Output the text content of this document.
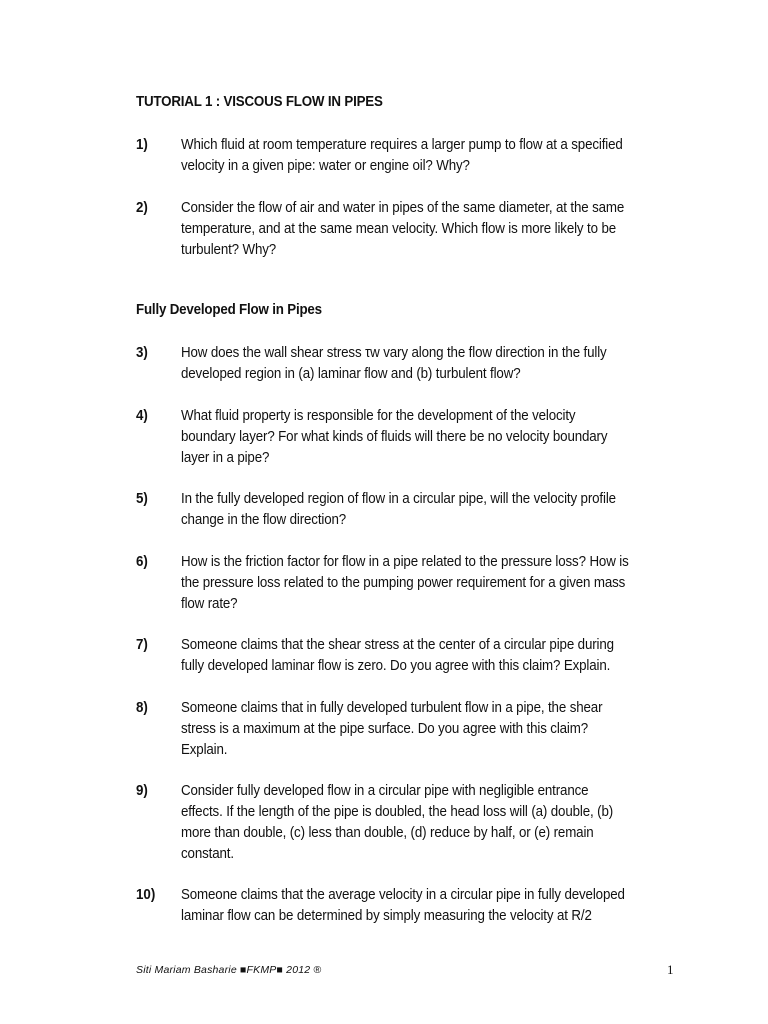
TUTORIAL 1 : VISCOUS FLOW IN PIPES
1) Which fluid at room temperature requires a larger pump to flow at a specified
velocity in a given pipe: water or engine oil? Why?
2) Consider the flow of air and water in pipes of the same diameter, at the same
temperature, and at the same mean velocity. Which flow is more likely to be
turbulent? Why?
Fully Developed Flow in Pipes
3) How does the wall shear stress τw vary along the flow direction in the fully
developed region in (a) laminar flow and (b) turbulent flow?
4) What fluid property is responsible for the development of the velocity
boundary layer? For what kinds of fluids will there be no velocity boundary
layer in a pipe?
5) In the fully developed region of flow in a circular pipe, will the velocity profile
change in the flow direction?
6) How is the friction factor for flow in a pipe related to the pressure loss? How is
the pressure loss related to the pumping power requirement for a given mass
flow rate?
7) Someone claims that the shear stress at the center of a circular pipe during
fully developed laminar flow is zero. Do you agree with this claim? Explain.
8) Someone claims that in fully developed turbulent flow in a pipe, the shear
stress is a maximum at the pipe surface. Do you agree with this claim?
Explain.
9) Consider fully developed flow in a circular pipe with negligible entrance
effects. If the length of the pipe is doubled, the head loss will (a) double, (b)
more than double, (c) less than double, (d) reduce by half, or (e) remain
constant.
10) Someone claims that the average velocity in a circular pipe in fully developed
laminar flow can be determined by simply measuring the velocity at R/2
Siti Mariam Basharie ■FKMP■ 2012 ®	1
